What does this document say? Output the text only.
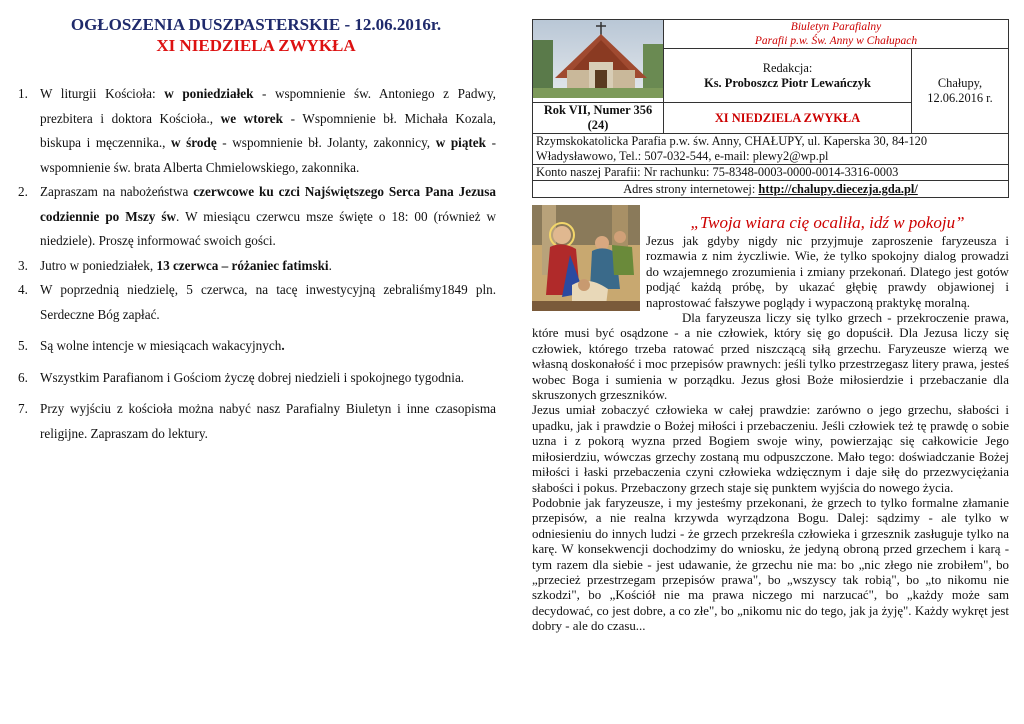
OGŁOSZENIA DUSZPASTERSKIE - 12.06.2016r.

XI NIEDZIELA ZWYKŁA

1. W liturgii Kościoła: w poniedziałek - wspomnienie św. Antoniego z Padwy, prezbitera i doktora Kościoła., we wtorek - Wspomnienie bł. Michała Kozala, biskupa i męczennika., w środę - wspomnienie bł. Jolanty, zakonnicy, w piątek - wspomnienie św. brata Alberta Chmielowskiego, zakonnika.
2. Zapraszam na nabożeństwa czerwcowe ku czci Najświętszego Serca Pana Jezusa codziennie po Mszy św. W miesiącu czerwcu msze święte o 18: 00 (również w niedziele). Proszę informować swoich gości.
3. Jutro w poniedziałek, 13 czerwca – różaniec fatimski.
4. W poprzednią niedzielę, 5 czerwca, na tacę inwestycyjną zebraliśmy1849 pln. Serdeczne Bóg zapłać.
5. Są wolne intencje w miesiącach wakacyjnych.
6. Wszystkim Parafianom i Gościom życzę dobrej niedzieli i spokojnego tygodnia.
7. Przy wyjściu z kościoła można nabyć nasz Parafialny Biuletyn i inne czasopisma religijne. Zapraszam do lektury.

Biuletyn Parafialny
Parafii p.w. Św. Anny w Chałupach	

	Redakcja:
Ks. Proboszcz Piotr Lewańczyk	Chałupy, 12.06.2016 r.
Rok VII, Numer 356 (24)	XI NIEDZIELA ZWYKŁA	
Rzymskokatolicka Parafia p.w. św. Anny, CHAŁUPY, ul. Kaperska 30, 84-120 Władysławowo, Tel.: 507-032-544, e-mail: plewy2@wp.pl		
Konto naszej Parafii: Nr rachunku: 75-8348-0003-0000-0014-3316-0003		
Adres strony internetowej: http://chalupy.diecezja.gda.pl/		
„Twoja wiara cię ocaliła, idź w pokoju”

Jezus jak gdyby nigdy nic przyjmuje zaproszenie faryzeusza i rozmawia z nim życzliwie. Wie, że tylko spokojny dialog prowadzi do wzajemnego zrozumienia i zmiany przekonań. Dlatego jest gotów podjąć każdą próbę, by ukazać głębię prawdy objawionej i naprostować fałszywe poglądy i wypaczoną praktykę moralną.

Dla faryzeusza liczy się tylko grzech - przekroczenie prawa, które musi być osądzone - a nie człowiek, który się go dopuścił. Dla Jezusa liczy się człowiek, którego trzeba ratować przed niszczącą siłą grzechu. Faryzeusze wierzą we własną doskonałość i moc przepisów prawnych: jeśli tylko przestrzegasz litery prawa, jesteś wobec Boga i sumienia w porządku. Jezus głosi Boże miłosierdzie i przebaczanie dla skruszonych grzeszników.

Jezus umiał zobaczyć człowieka w całej prawdzie: zarówno o jego grzechu, słabości i upadku, jak i prawdzie o Bożej miłości i przebaczeniu. Jeśli człowiek też tę prawdę o sobie uzna i z pokorą wyzna przed Bogiem swoje winy, powierzając się całkowicie Jego miłosierdziu, wówczas grzechy zostaną mu odpuszczone. Mało tego: doświadczanie Bożej miłości i łaski przebaczenia czyni człowieka wdzięcznym i daje siłę do przezwyciężania słabości i pokus. Przebaczony grzech staje się punktem wyjścia do nowego życia.

Podobnie jak faryzeusze, i my jesteśmy przekonani, że grzech to tylko formalne złamanie przepisów, a nie realna krzywda wyrządzona Bogu. Dalej: sądzimy - ale tylko w odniesieniu do innych ludzi - że grzech przekreśla człowieka i grzesznik zasługuje tylko na karę. W konsekwencji dochodzimy do wniosku, że jedyną obroną przed grzechem i karą - tym razem dla siebie - jest udawanie, że grzechu nie ma: bo „nic złego nie zrobiłem", bo „przecież przestrzegam przepisów prawa", bo „wszyscy tak robią", bo „to nikomu nie szkodzi", bo „Kościół nie ma prawa niczego mi narzucać", bo „każdy może sam decydować, co jest dobre, a co złe", bo „nikomu nic do tego, jak ja żyję". Każdy wykręt jest dobry - ale do czasu...
